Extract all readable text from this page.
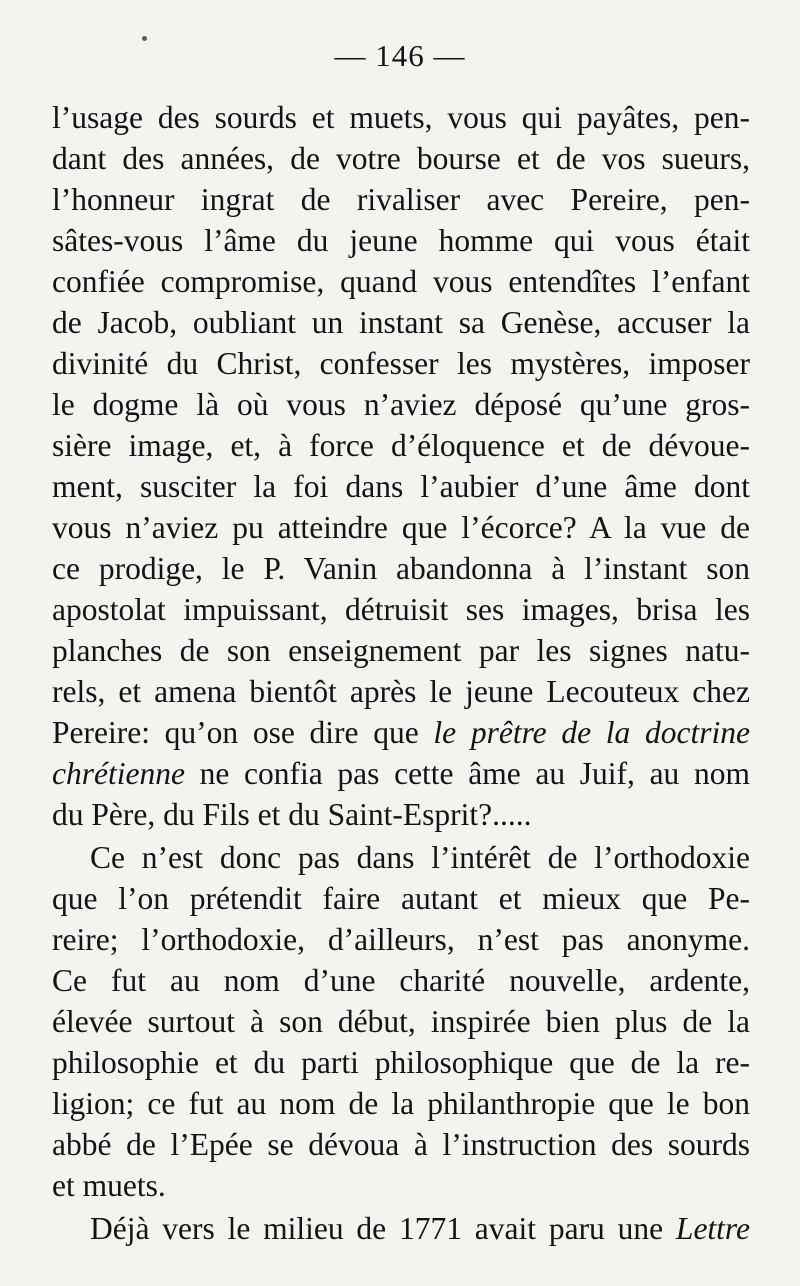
— 146 —
l’usage des sourds et muets, vous qui payâtes, pen-
dant des années, de votre bourse et de vos sueurs,
l’honneur ingrat de rivaliser avec Pereire, pen-
sâtes-vous l’âme du jeune homme qui vous était
confiée compromise, quand vous entendîtes l’enfant
de Jacob, oubliant un instant sa Genèse, accuser la
divinité du Christ, confesser les mystères, imposer
le dogme là où vous n’aviez déposé qu’une gros-
sière image, et, à force d’éloquence et de dévoue-
ment, susciter la foi dans l’aubier d’une âme dont
vous n’aviez pu atteindre que l’écorce? A la vue de
ce prodige, le P. Vanin abandonna à l’instant son
apostolat impuissant, détruisit ses images, brisa les
planches de son enseignement par les signes natu-
rels, et amena bientôt après le jeune Lecouteux chez
Pereire: qu’on ose dire que le prêtre de la doctrine
chrétienne ne confia pas cette âme au Juif, au nom
du Père, du Fils et du Saint-Esprit?.....
Ce n’est donc pas dans l’intérêt de l’orthodoxie
que l’on prétendit faire autant et mieux que Pe-
reire; l’orthodoxie, d’ailleurs, n’est pas anonyme.
Ce fut au nom d’une charité nouvelle, ardente,
élevée surtout à son début, inspirée bien plus de la
philosophie et du parti philosophique que de la re-
ligion; ce fut au nom de la philanthropie que le bon
abbé de l’Epée se dévoua à l’instruction des sourds
et muets.
Déjà vers le milieu de 1771 avait paru une Lettre
